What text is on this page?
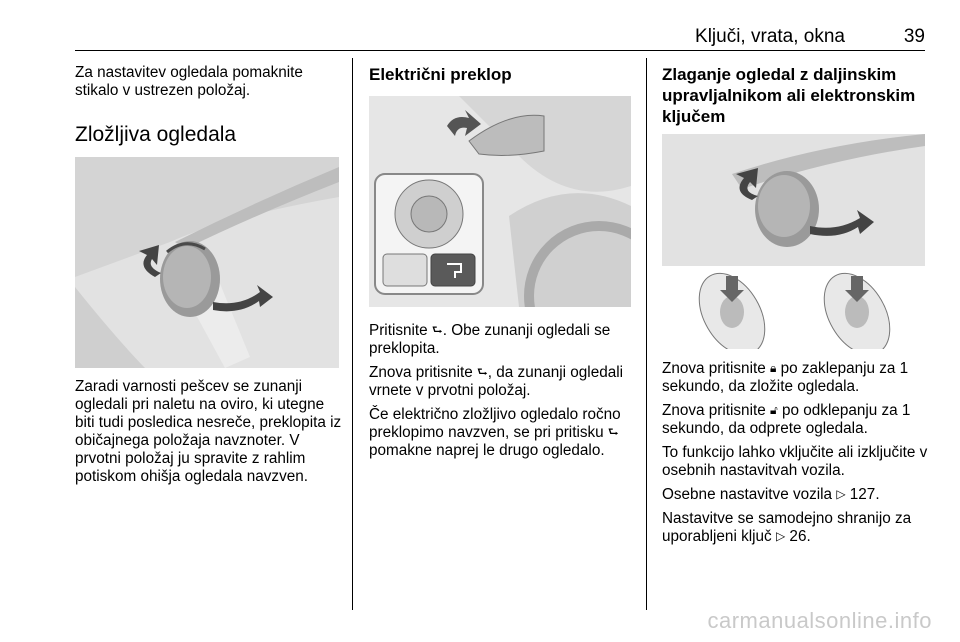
Ključi, vrata, okna	39

Za nastavitev ogledala pomaknite stikalo v ustrezen položaj.

Zložljiva ogledala

Zaradi varnosti pešcev se zunanji ogledali pri naletu na oviro, ki utegne biti tudi posledica nesreče, preklopita iz običajnega položaja navznoter. V prvotni položaj ju spravite z rahlim potiskom ohišja ogledala navzven.

Električni preklop

Pritisnite ⮑. Obe zunanji ogledali se preklopita.

Znova pritisnite ⮑, da zunanji ogledali vrnete v prvotni položaj.

Če električno zložljivo ogledalo ročno preklopimo navzven, se pri pritisku ⮑ pomakne naprej le drugo ogledalo.

Zlaganje ogledal z daljinskim upravljalnikom ali elektronskim ključem

Znova pritisnite 🔒︎ po zaklepanju za 1 sekundo, da zložite ogledala.

Znova pritisnite 🔓︎ po odklepanju za 1 sekundo, da odprete ogledala.

To funkcijo lahko vključite ali izključite v osebnih nastavitvah vozila.

Osebne nastavitve vozila ▷ 127.

Nastavitve se samodejno shranijo za uporabljeni ključ ▷ 26.

carmanualsonline.info
